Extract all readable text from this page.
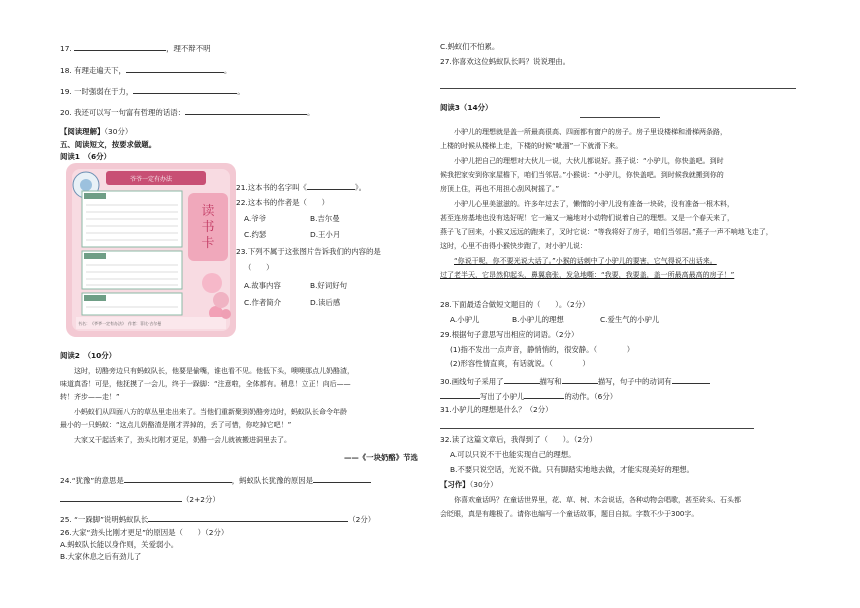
17.	，理不辩不明
18. 有理走遍天下，	。
19. 一时强弱在于力，	。
20. 我还可以写一句富有哲理的话语：	。
【阅读理解】（30分）
五、阅读短文，按要求做题。
阅读1　（6分）
读
书
卡
爷爷一定有办法
书名：《爷爷一定有办法》　作者：菲比·吉尔曼
21.这本书的名字叫《	》。
22.这本书的作者是（　　）
A.爷爷	B.吉尔曼
C.约瑟	D.王小月
23.下列不属于这张图片告诉我们的内容的是
（　　）
A.故事内容	B.好词好句
C.作者简介	D.读后感
阅读2　（10分）
这时，切酪旁边只有蚂蚁队长，他要是偷嘴，谁也看不见。他低下头，噢噢那点儿奶酪渣，
味道真香！可是，他抚摸了一会儿，终于一跺脚：“注意啦，全体都有。稍息！立正！向后——
转！齐步——走！”
小蚂蚁们从四面八方的草丛里走出来了。当他们重新聚到奶酪旁边时，蚂蚁队长命令年龄
最小的一只蚂蚁：“这点儿奶酪渣是刚才弄掉的，丢了可惜，你吃掉它吧！”
大家又干起活来了，劲头比刚才更足，奶酪一会儿就被搬进洞里去了。
——《一块奶酪》节选
24.“犹豫”的意思是	，蚂蚁队长犹豫的原因是
（2+2分）
25. “一跺脚”说明蚂蚁队长	（2分）
26.大家“劲头比刚才更足”的原因是（　　）（2分）
A.蚂蚁队长能以身作则，关爱弱小。
B.大家休息之后有劲儿了
C.蚂蚁们不怕累。
27.你喜欢这位蚂蚁队长吗？说说理由。
阅读3（14分）
小驴儿的理想就是盖一所最高很高、四面都有窗户的房子。房子里设楼梯和滑梯两条路，
上楼的时候从楼梯上走，下楼的时候“呲溜”一下就滑下来。
小驴儿把自己的理想对大伙儿一说，大伙儿都说好。燕子说：“小驴儿，你快盖吧。到时
候我把家安到你家屋檐下，咱们当邻居。”小猴说：“小驴儿，你快盖吧。到时候我就搬到你的
房顶上住，再也不用担心刮风树摇了。”
小驴儿心里美滋滋的。许多年过去了，懒惰的小驴儿没有准备一块砖，没有准备一根木料，
甚至连房基地也没有选好呢！它一遍又一遍地对小动物们说着自己的理想。又是一个春天来了，
燕子飞了回来，小猴又远远的跑来了，叉时它说：“等我将好了房子，咱们当邻居。”燕子一声不响地飞走了，
这时，心里不由得小猴快步跑了，对小驴儿说：
“你说干呢，你不要光说大话了。”小猴的话刺中了小驴儿的要害，它气得说不出话来。
过了老半天，它昂然仰起头，鼻翼翕张，发急地嘶：“我要，我要盖，盖一所最高最高的房子！”
28.下面最适合做短文题目的（　　）。（2分）
A.小驴儿	B.小驴儿的理想	C.爱生气的小驴儿
29.根据句子意思写出相应的词语。（2分）
(1)指不发出一点声音，静悄悄的，很安静。（　　　　）
(2)形容性情直爽，有话就说。（　　　　）
30.画线句子采用了	描写和	描写，句子中的动词有
写出了小驴儿	的动作。（6分）
31.小驴儿的理想是什么？（2分）
32.读了这篇文章后，我得到了（　　）。（2分）
A.可以只说不干也能实现自己的理想。
B.不要只说空话，光说不做。只有脚踏实地地去做，才能实现美好的理想。
【习作】（30分）
你喜欢童话吗？在童话世界里，花、草、树、木会说话，各种动物会唱歌，甚至砖头、石头都
会眨眼，真是有趣极了。请你也编写一个童话故事，题目自拟。字数不少于300字。
